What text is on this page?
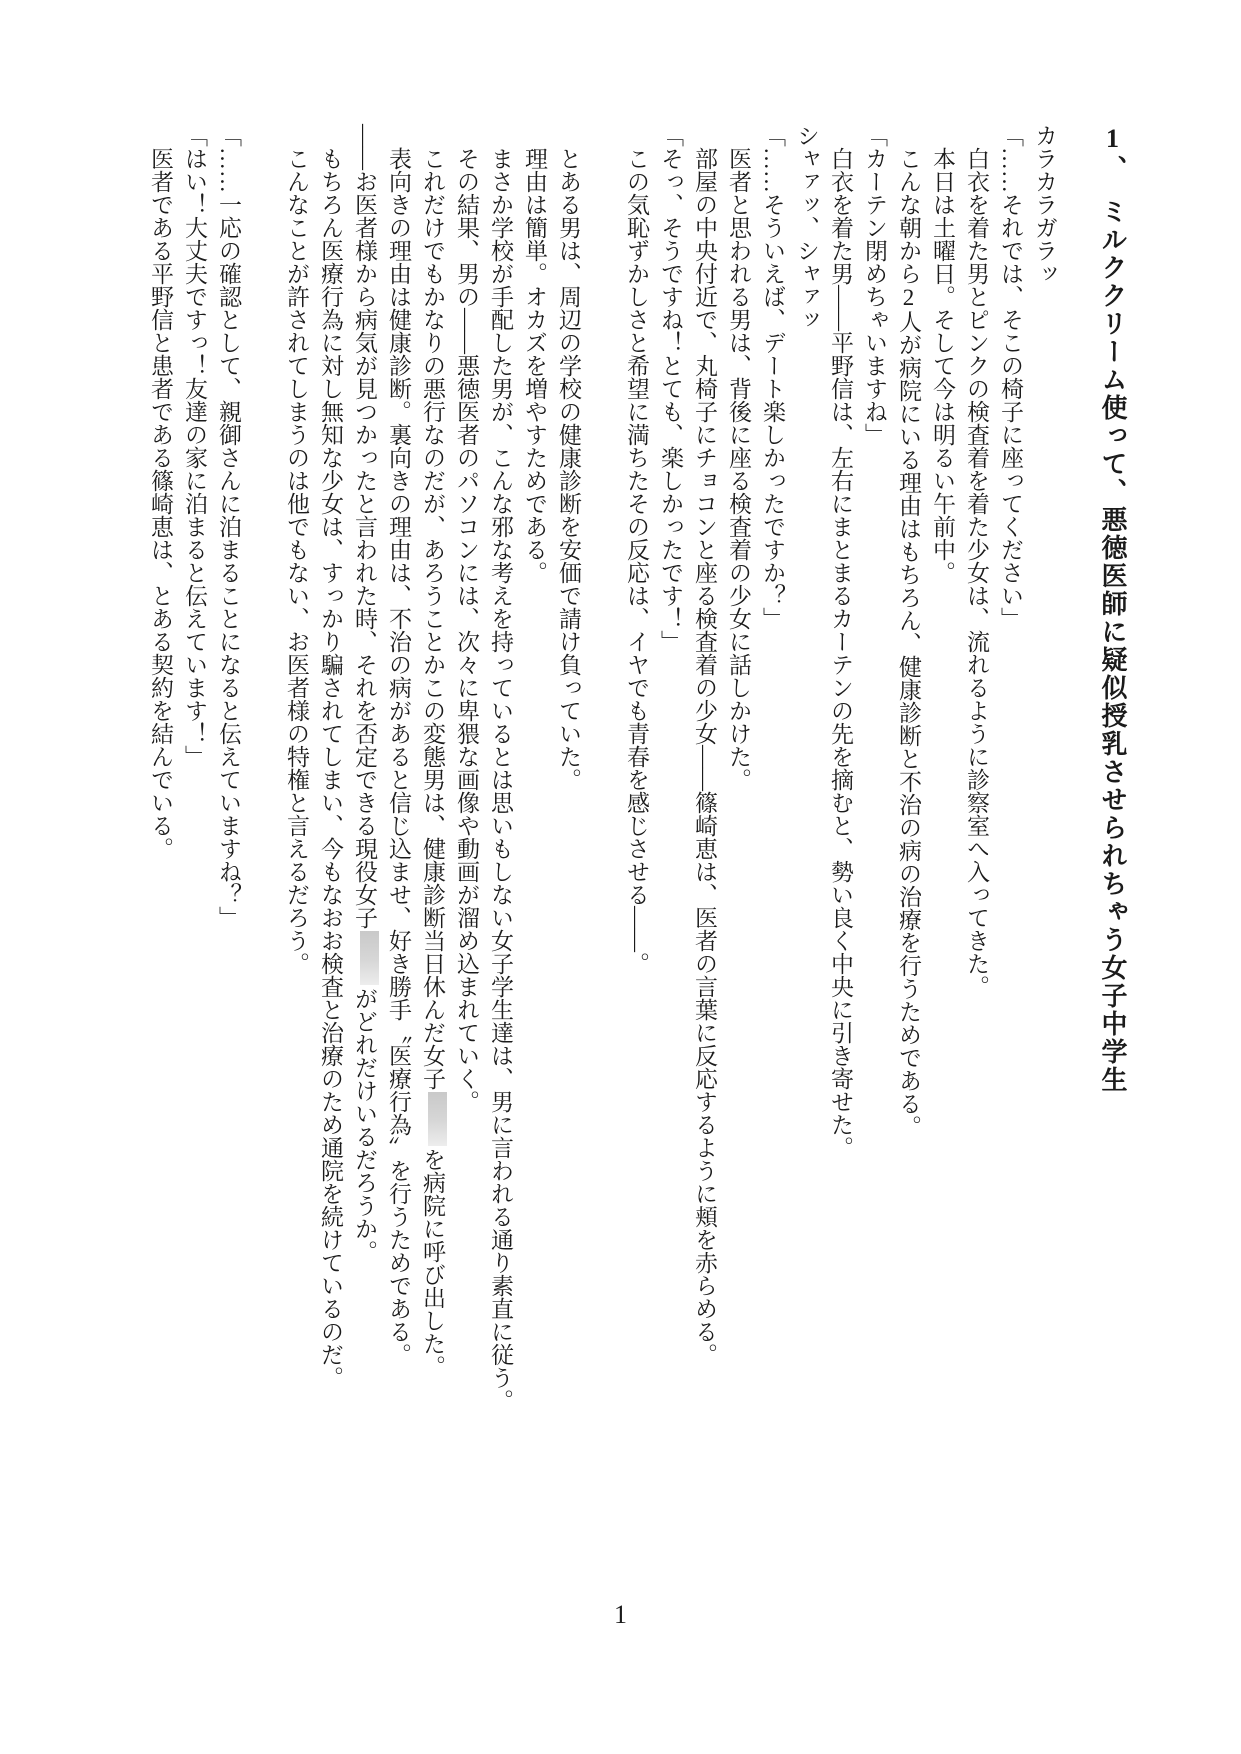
1、　ミルククリーム使って、悪徳医師に疑似授乳させられちゃう女子中学生

カラカラガラッ

「……それでは、そこの椅子に座ってください」

白衣を着た男とピンクの検査着を着た少女は、流れるように診察室へ入ってきた。

本日は土曜日。そして今は明るい午前中。

こんな朝から2人が病院にいる理由はもちろん、健康診断と不治の病の治療を行うためである。

「カーテン閉めちゃいますね」

白衣を着た男――平野信は、左右にまとまるカーテンの先を摘むと、勢い良く中央に引き寄せた。

シャァッ、シャァッ

「……そういえば、デート楽しかったですか？」

医者と思われる男は、背後に座る検査着の少女に話しかけた。

部屋の中央付近で、丸椅子にチョコンと座る検査着の少女――篠崎恵は、医者の言葉に反応するように頬を赤らめる。

「そっ、そうですね！とても、楽しかったです！」

この気恥ずかしさと希望に満ちたその反応は、イヤでも青春を感じさせる――。

とある男は、周辺の学校の健康診断を安価で請け負っていた。

理由は簡単。オカズを増やすためである。

まさか学校が手配した男が、こんな邪な考えを持っているとは思いもしない女子学生達は、男に言われる通り素直に従う。

その結果、男の――悪徳医者のパソコンには、次々に卑猥な画像や動画が溜め込まれていく。

これだけでもかなりの悪行なのだが、あろうことかこの変態男は、健康診断当日休んだ女子を病院に呼び出した。

表向きの理由は健康診断。裏向きの理由は、不治の病があると信じ込ませ、好き勝手〝医療行為〟を行うためである。

――お医者様から病気が見つかったと言われた時、それを否定できる現役女子がどれだけいるだろうか。

もちろん医療行為に対し無知な少女は、すっかり騙されてしまい、今もなおお検査と治療のため通院を続けているのだ。

こんなことが許されてしまうのは他でもない、お医者様の特権と言えるだろう。

「……一応の確認として、親御さんに泊まることになると伝えていますね？」

「はい！大丈夫ですっ！友達の家に泊まると伝えています！」

医者である平野信と患者である篠崎恵は、とある契約を結んでいる。

1
